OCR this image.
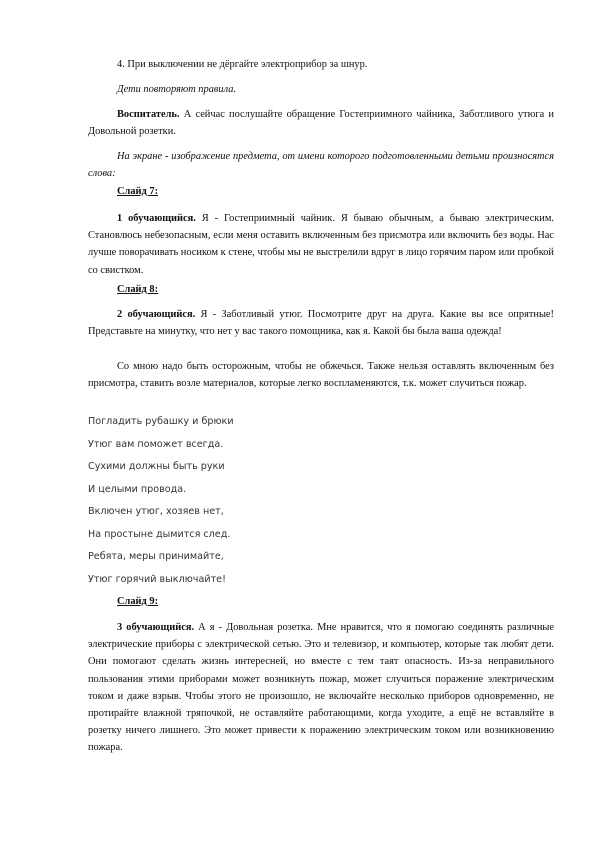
4. При выключении не дёргайте электроприбор за шнур.

Дети повторяют правила.

Воспитатель. А сейчас послушайте обращение Гостеприимного чайника, Заботливого утюга и Довольной розетки.

На экране - изображение предмета, от имени которого подготовленными детьми произносятся слова:

Слайд 7:

1 обучающийся. Я - Гостеприимный чайник. Я бываю обычным, а бываю электрическим. Становлюсь небезопасным, если меня оставить включенным без присмотра или включить без воды. Нас лучше поворачивать носиком к стене, чтобы мы не выстрелили вдруг в лицо горячим паром или пробкой со свистком.

Слайд 8:

2 обучающийся. Я - Заботливый утюг. Посмотрите друг на друга. Какие вы все опрятные! Представьте на минутку, что нет у вас такого помощника, как я. Какой бы была ваша одежда!

Со мною надо быть осторожным, чтобы не обжечься. Также нельзя оставлять включенным без присмотра, ставить возле материалов, которые легко воспламеняются, т.к. может случиться пожар.

Погладить рубашку и брюки

Утюг вам поможет всегда.

Сухими должны быть руки

И целыми провода.

Включен утюг, хозяев нет,

На простыне дымится след.

Ребята, меры принимайте,

Утюг горячий выключайте!

Слайд 9:

3 обучающийся. А я - Довольная розетка. Мне нравится, что я помогаю соединять различные электрические приборы с электрической сетью. Это и телевизор, и компьютер, которые так любят дети. Они помогают сделать жизнь интересней, но вместе с тем таят опасность. Из-за неправильного пользования этими приборами может возникнуть пожар, может случиться поражение электрическим током и даже взрыв. Чтобы этого не произошло, не включайте несколько приборов одновременно, не протирайте влажной тряпочкой, не оставляйте работающими, когда уходите, а ещё не вставляйте в розетку ничего лишнего. Это может привести к поражению электрическим током или возникновению пожара.
